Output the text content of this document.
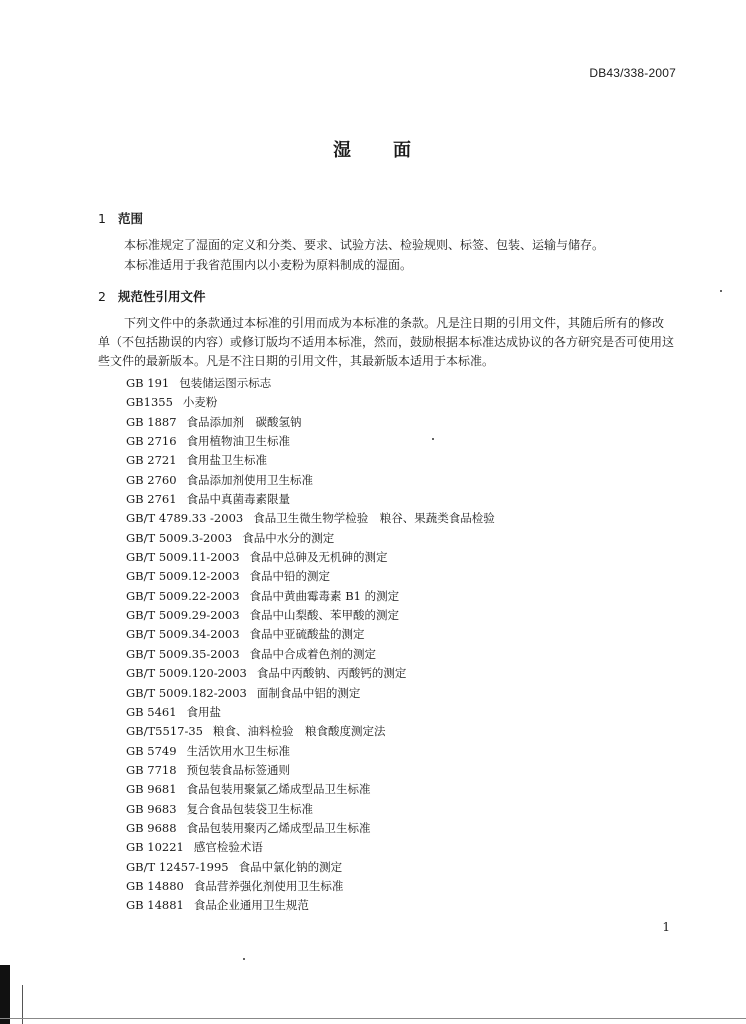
DB43/338-2007
湿　　面
1 范围
本标准规定了湿面的定义和分类、要求、试验方法、检验规则、标签、包装、运输与储存。
本标准适用于我省范围内以小麦粉为原料制成的湿面。
2 规范性引用文件
下列文件中的条款通过本标准的引用而成为本标准的条款。凡是注日期的引用文件，其随后所有的修改单（不包括勘误的内容）或修订版均不适用本标准，然而，鼓励根据本标准达成协议的各方研究是否可使用这些文件的最新版本。凡是不注日期的引用文件，其最新版本适用于本标准。
GB 191 包装储运图示标志
GB1355 小麦粉
GB 1887 食品添加剂　碳酸氢钠
GB 2716 食用植物油卫生标准
GB 2721 食用盐卫生标准
GB 2760 食品添加剂使用卫生标准
GB 2761 食品中真菌毒素限量
GB/T 4789.33 -2003 食品卫生微生物学检验　粮谷、果蔬类食品检验
GB/T 5009.3-2003 食品中水分的测定
GB/T 5009.11-2003 食品中总砷及无机砷的测定
GB/T 5009.12-2003 食品中铅的测定
GB/T 5009.22-2003 食品中黄曲霉毒素 B1 的测定
GB/T 5009.29-2003 食品中山梨酸、苯甲酸的测定
GB/T 5009.34-2003 食品中亚硫酸盐的测定
GB/T 5009.35-2003 食品中合成着色剂的测定
GB/T 5009.120-2003 食品中丙酸钠、丙酸钙的测定
GB/T 5009.182-2003 面制食品中铝的测定
GB 5461 食用盐
GB/T5517-35 粮食、油料检验　粮食酸度测定法
GB 5749 生活饮用水卫生标准
GB 7718 预包装食品标签通则
GB 9681 食品包装用聚氯乙烯成型品卫生标准
GB 9683 复合食品包装袋卫生标准
GB 9688 食品包装用聚丙乙烯成型品卫生标准
GB 10221 感官检验术语
GB/T 12457-1995 食品中氯化钠的测定
GB 14880 食品营养强化剂使用卫生标准
GB 14881 食品企业通用卫生规范
1
